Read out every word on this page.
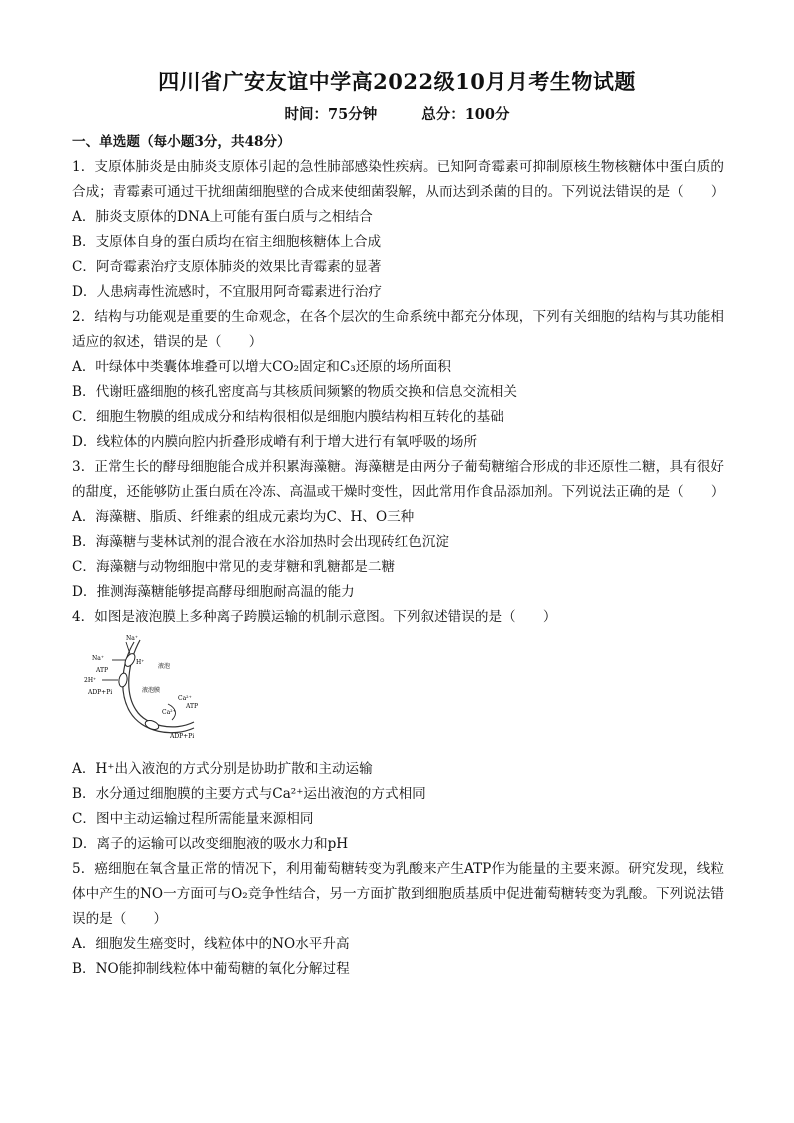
四川省广安友谊中学高2022级10月月考生物试题
时间：75分钟	总分：100分

一、单选题（每小题3分，共48分）

1．支原体肺炎是由肺炎支原体引起的急性肺部感染性疾病。已知阿奇霉素可抑制原核生物核糖体中蛋白质的合成；青霉素可通过干扰细菌细胞壁的合成来使细菌裂解，从而达到杀菌的目的。下列说法错误的是（　　）

A．肺炎支原体的DNA上可能有蛋白质与之相结合

B．支原体自身的蛋白质均在宿主细胞核糖体上合成

C．阿奇霉素治疗支原体肺炎的效果比青霉素的显著

D．人患病毒性流感时，不宜服用阿奇霉素进行治疗

2．结构与功能观是重要的生命观念，在各个层次的生命系统中都充分体现，下列有关细胞的结构与其功能相适应的叙述，错误的是（　　）

A．叶绿体中类囊体堆叠可以增大CO₂固定和C₃还原的场所面积

B．代谢旺盛细胞的核孔密度高与其核质间频繁的物质交换和信息交流相关

C．细胞生物膜的组成成分和结构很相似是细胞内膜结构相互转化的基础

D．线粒体的内膜向腔内折叠形成嵴有利于增大进行有氧呼吸的场所

3．正常生长的酵母细胞能合成并积累海藻糖。海藻糖是由两分子葡萄糖缩合形成的非还原性二糖，具有很好的甜度，还能够防止蛋白质在冷冻、高温或干燥时变性，因此常用作食品添加剂。下列说法正确的是（　　）

A．海藻糖、脂质、纤维素的组成元素均为C、H、O三种

B．海藻糖与斐林试剂的混合液在水浴加热时会出现砖红色沉淀

C．海藻糖与动物细胞中常见的麦芽糖和乳糖都是二糖

D．推测海藻糖能够提高酵母细胞耐高温的能力

4．如图是液泡膜上多种离子跨膜运输的机制示意图。下列叙述错误的是（　　）

Na⁺
Na⁺
H⁺
ATP
2H⁺
ADP+Pi
液泡
液泡膜
Ca²⁺
ATP
Ca²⁺
ADP+Pi

A．H⁺出入液泡的方式分别是协助扩散和主动运输

B．水分通过细胞膜的主要方式与Ca²⁺运出液泡的方式相同

C．图中主动运输过程所需能量来源相同

D．离子的运输可以改变细胞液的吸水力和pH

5．癌细胞在氧含量正常的情况下，利用葡萄糖转变为乳酸来产生ATP作为能量的主要来源。研究发现，线粒体中产生的NO一方面可与O₂竞争性结合，另一方面扩散到细胞质基质中促进葡萄糖转变为乳酸。下列说法错误的是（　　）

A．细胞发生癌变时，线粒体中的NO水平升高

B．NO能抑制线粒体中葡萄糖的氧化分解过程
